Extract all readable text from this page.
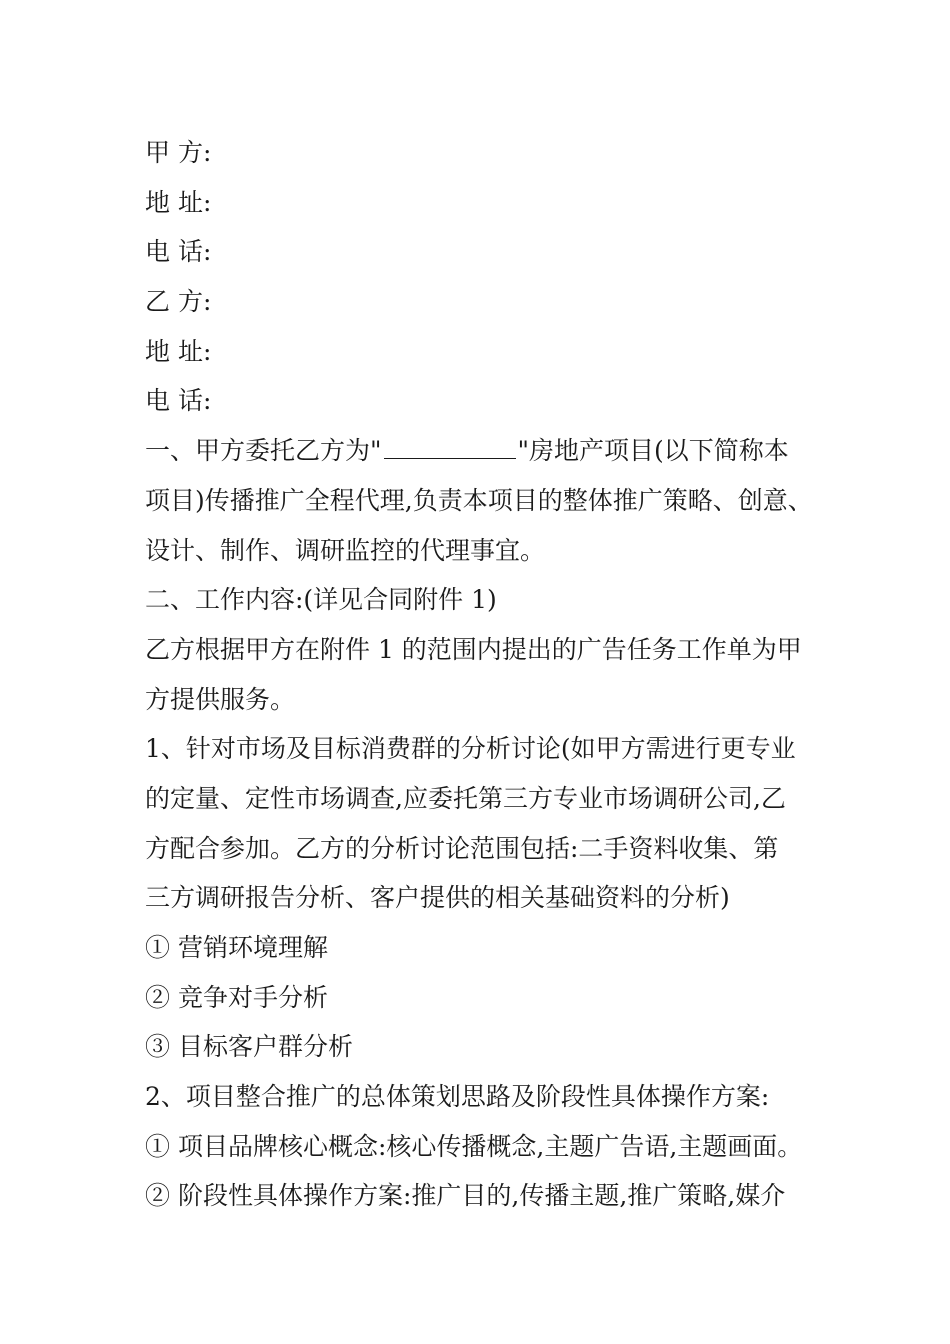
甲 方:
地 址:
电 话:
乙 方:
地 址:
电 话:
一、甲方委托乙方为"	"房地产项目(以下简称本
项目)传播推广全程代理,负责本项目的整体推广策略、创意、
设计、制作、调研监控的代理事宜。
二、工作内容:(详见合同附件 1)
乙方根据甲方在附件 1 的范围内提出的广告任务工作单为甲
方提供服务。
1、针对市场及目标消费群的分析讨论(如甲方需进行更专业
的定量、定性市场调查,应委托第三方专业市场调研公司,乙
方配合参加。乙方的分析讨论范围包括:二手资料收集、第
三方调研报告分析、客户提供的相关基础资料的分析)
① 营销环境理解
② 竞争对手分析
③ 目标客户群分析
2、项目整合推广的总体策划思路及阶段性具体操作方案:
① 项目品牌核心概念:核心传播概念,主题广告语,主题画面。
② 阶段性具体操作方案:推广目的,传播主题,推广策略,媒介
